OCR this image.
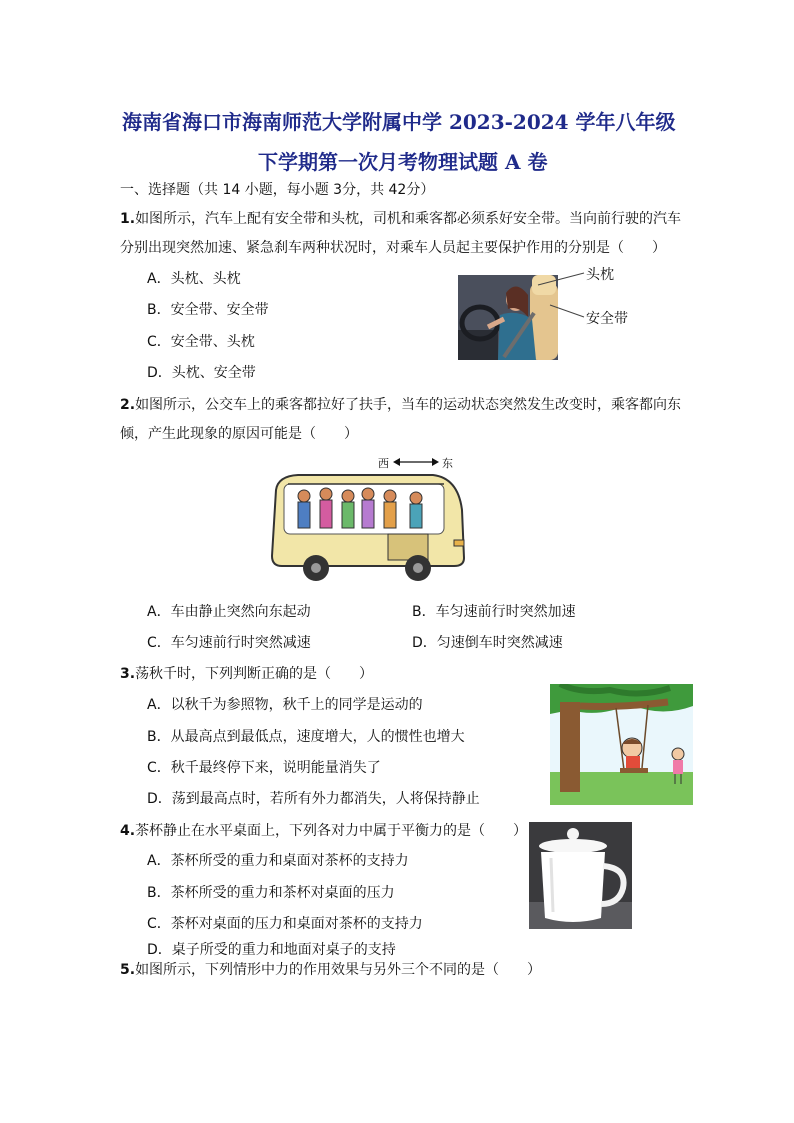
海南省海口市海南师范大学附属中学 2023-2024 学年八年级
下学期第一次月考物理试题 A 卷
一、选择题（共 14 小题，每小题 3分，共 42分）
1.如图所示，汽车上配有安全带和头枕，司机和乘客都必须系好安全带。当向前行驶的汽车
分别出现突然加速、紧急刹车两种状况时，对乘车人员起主要保护作用的分别是（　　）
A．头枕、头枕
B．安全带、安全带
C．安全带、头枕
D．头枕、安全带
头枕
安全带
2.如图所示，公交车上的乘客都拉好了扶手，当车的运动状态突然发生改变时，乘客都向东
倾，产生此现象的原因可能是（　　）
西	东
A．车由静止突然向东起动	B．车匀速前行时突然加速
C．车匀速前行时突然减速	D．匀速倒车时突然减速
3.荡秋千时，下列判断正确的是（　　）
A．以秋千为参照物，秋千上的同学是运动的
B．从最高点到最低点，速度增大，人的惯性也增大
C．秋千最终停下来，说明能量消失了
D．荡到最高点时，若所有外力都消失，人将保持静止
4.茶杯静止在水平桌面上，下列各对力中属于平衡力的是（　　）
A．茶杯所受的重力和桌面对茶杯的支持力
B．茶杯所受的重力和茶杯对桌面的压力
C．茶杯对桌面的压力和桌面对茶杯的支持力
D．桌子所受的重力和地面对桌子的支持
5.如图所示，下列情形中力的作用效果与另外三个不同的是（　　）
